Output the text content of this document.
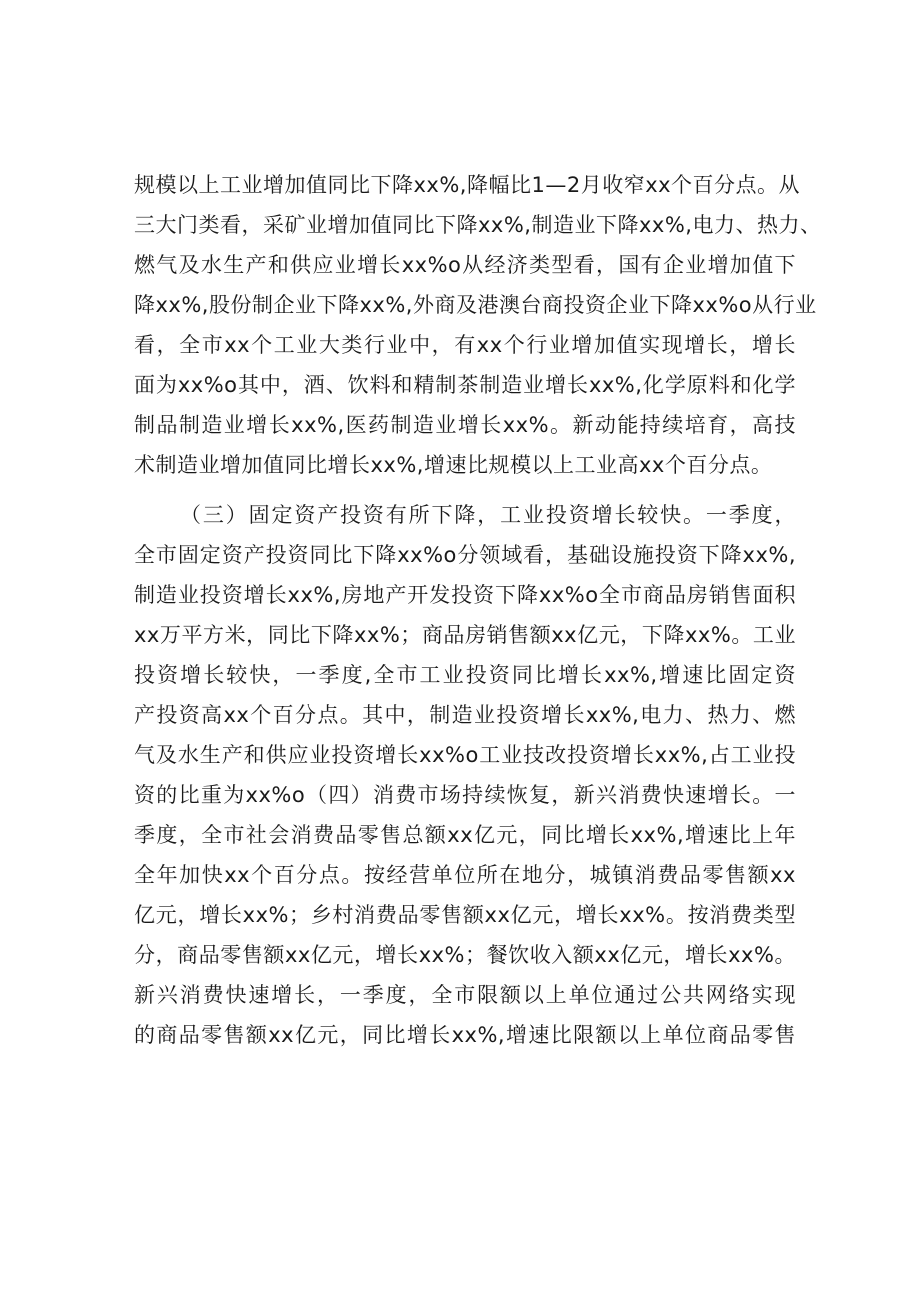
规模以上工业增加值同比下降xx%,降幅比1—2月收窄xx个百分点。从
三大门类看，采矿业增加值同比下降xx%,制造业下降xx%,电力、热力、
燃气及水生产和供应业增长xx%o从经济类型看，国有企业增加值下
降xx%,股份制企业下降xx%,外商及港澳台商投资企业下降xx%o从行业
看，全市xx个工业大类行业中，有xx个行业增加值实现增长，增长
面为xx%o其中，酒、饮料和精制茶制造业增长xx%,化学原料和化学
制品制造业增长xx%,医药制造业增长xx%。新动能持续培育，高技
术制造业增加值同比增长xx%,增速比规模以上工业高xx个百分点。
（三）固定资产投资有所下降，工业投资增长较快。一季度，
全市固定资产投资同比下降xx%o分领域看，基础设施投资下降xx%,
制造业投资增长xx%,房地产开发投资下降xx%o全市商品房销售面积
xx万平方米，同比下降xx%；商品房销售额xx亿元，下降xx%。工业
投资增长较快，一季度,全市工业投资同比增长xx%,增速比固定资
产投资高xx个百分点。其中，制造业投资增长xx%,电力、热力、燃
气及水生产和供应业投资增长xx%o工业技改投资增长xx%,占工业投
资的比重为xx%o（四）消费市场持续恢复，新兴消费快速增长。一
季度，全市社会消费品零售总额xx亿元，同比增长xx%,增速比上年
全年加快xx个百分点。按经营单位所在地分，城镇消费品零售额xx
亿元，增长xx%；乡村消费品零售额xx亿元，增长xx%。按消费类型
分，商品零售额xx亿元，增长xx%；餐饮收入额xx亿元，增长xx%。
新兴消费快速增长，一季度，全市限额以上单位通过公共网络实现
的商品零售额xx亿元，同比增长xx%,增速比限额以上单位商品零售
